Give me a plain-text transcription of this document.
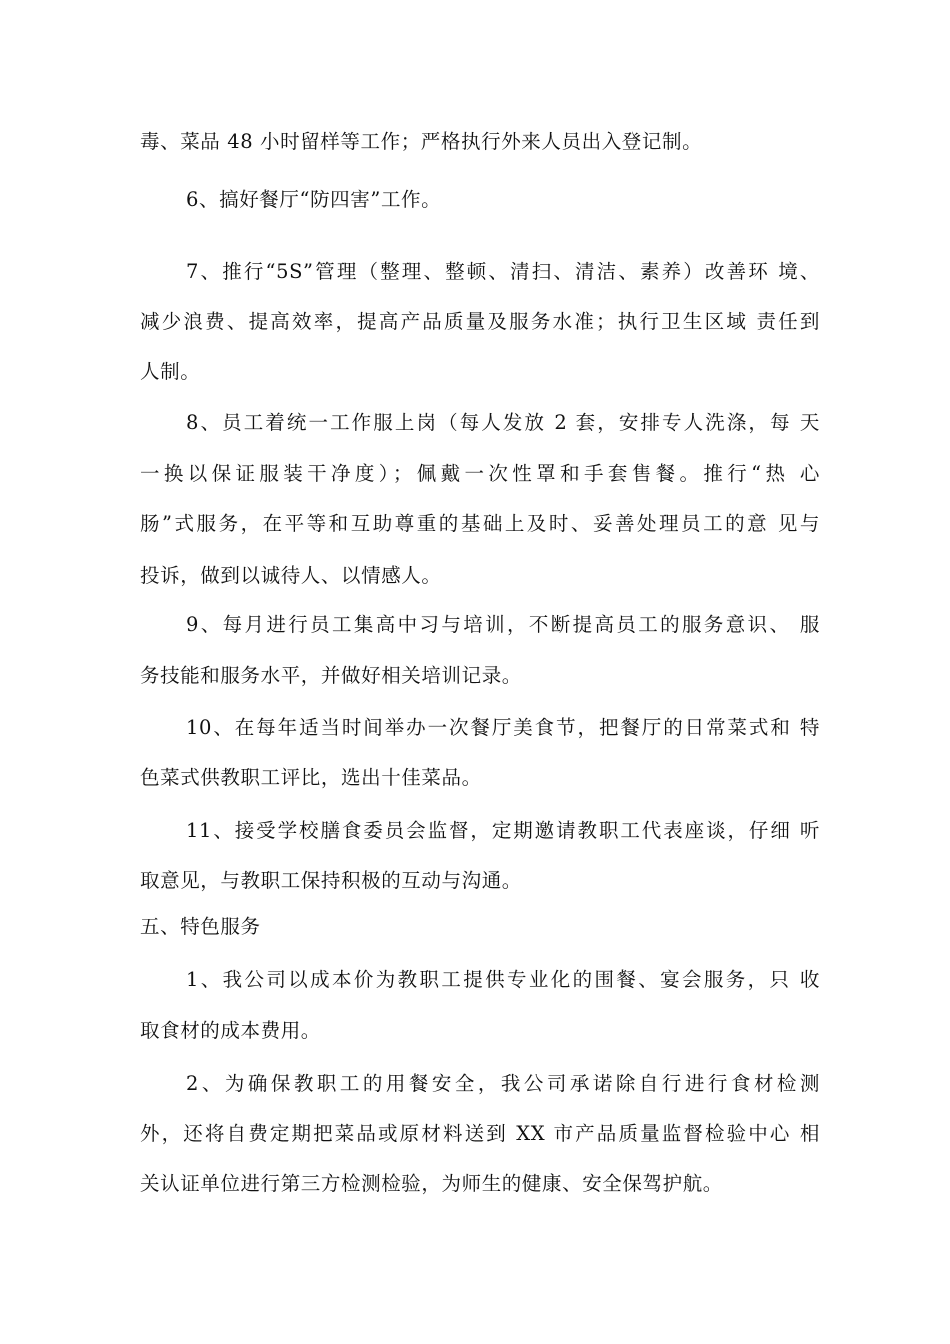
毒、菜品 48 小时留样等工作；严格执行外来人员出入登记制。
6、搞好餐厅“防四害”工作。
7、推行“5S”管理（整理、整顿、清扫、清洁、素养）改善环 境、
减少浪费、提高效率，提高产品质量及服务水准；执行卫生区域 责任到
人制。
8、员工着统一工作服上岗（每人发放 2 套，安排专人洗涤，每 天
一换以保证服装干净度）；佩戴一次性罩和手套售餐。推行“热 心
肠”式服务，在平等和互助尊重的基础上及时、妥善处理员工的意 见与
投诉，做到以诚待人、以情感人。
9、每月进行员工集高中习与培训，不断提高员工的服务意识、 服
务技能和服务水平，并做好相关培训记录。
10、在每年适当时间举办一次餐厅美食节，把餐厅的日常菜式和 特
色菜式供教职工评比，选出十佳菜品。
11、接受学校膳食委员会监督，定期邀请教职工代表座谈，仔细 听
取意见，与教职工保持积极的互动与沟通。
五、特色服务
1、我公司以成本价为教职工提供专业化的围餐、宴会服务，只 收
取食材的成本费用。
2、为确保教职工的用餐安全，我公司承诺除自行进行食材检测
外，还将自费定期把菜品或原材料送到 XX 市产品质量监督检验中心 相
关认证单位进行第三方检测检验，为师生的健康、安全保驾护航。
